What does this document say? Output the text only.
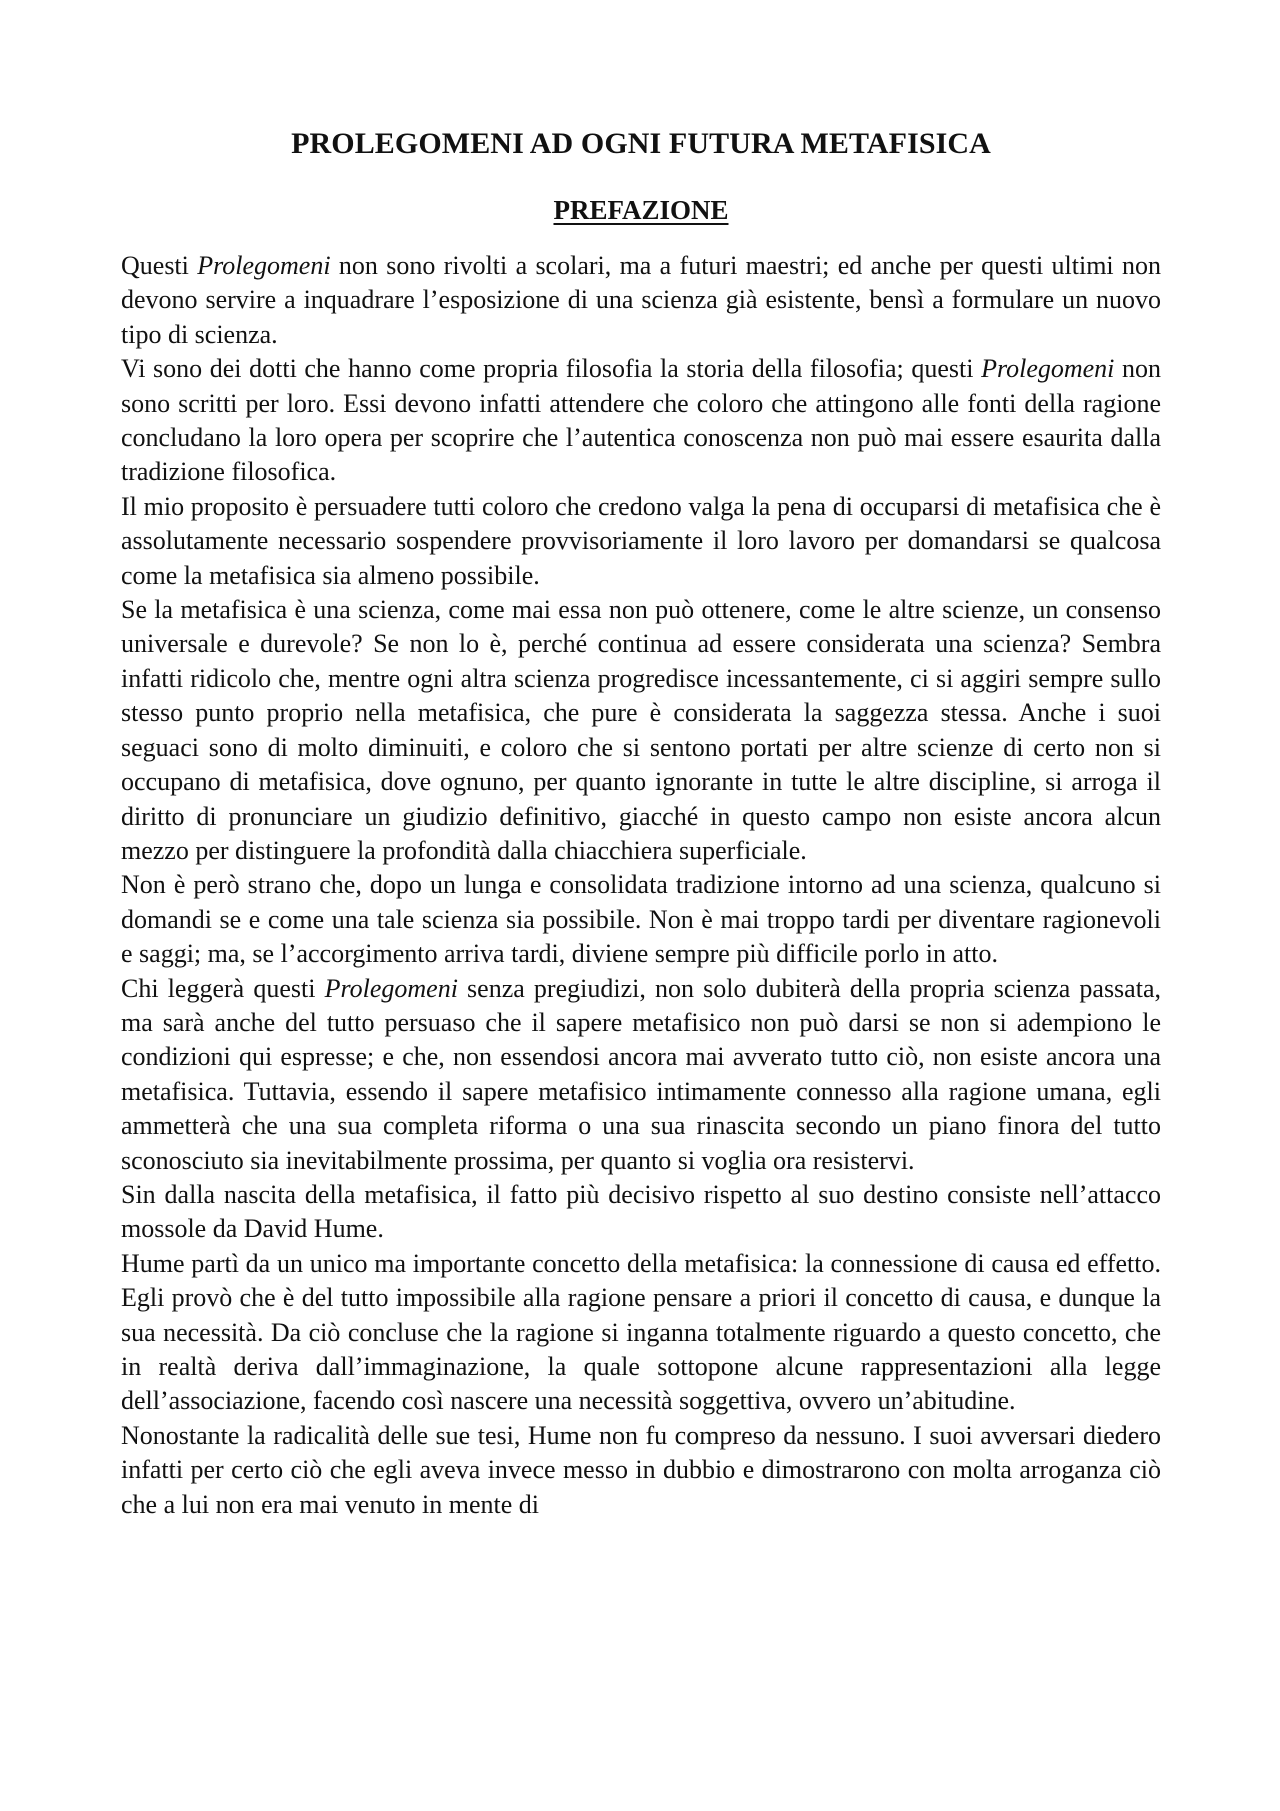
PROLEGOMENI AD OGNI FUTURA METAFISICA
PREFAZIONE

Questi Prolegomeni non sono rivolti a scolari, ma a futuri maestri; ed anche per questi ultimi non devono servire a inquadrare l’esposizione di una scienza già esistente, bensì a formulare un nuovo tipo di scienza.

Vi sono dei dotti che hanno come propria filosofia la storia della filosofia; questi Prolegomeni non sono scritti per loro. Essi devono infatti attendere che coloro che attingono alle fonti della ragione concludano la loro opera per scoprire che l’autentica conoscenza non può mai essere esaurita dalla tradizione filosofica.

Il mio proposito è persuadere tutti coloro che credono valga la pena di occuparsi di metafisica che è assolutamente necessario sospendere provvisoriamente il loro lavoro per domandarsi se qualcosa come la metafisica sia almeno possibile.

Se la metafisica è una scienza, come mai essa non può ottenere, come le altre scienze, un consenso universale e durevole? Se non lo è, perché continua ad essere considerata una scienza? Sembra infatti ridicolo che, mentre ogni altra scienza progredisce incessantemente, ci si aggiri sempre sullo stesso punto proprio nella metafisica, che pure è considerata la saggezza stessa. Anche i suoi seguaci sono di molto diminuiti, e coloro che si sentono portati per altre scienze di certo non si occupano di metafisica, dove ognuno, per quanto ignorante in tutte le altre discipline, si arroga il diritto di pronunciare un giudizio definitivo, giacché in questo campo non esiste ancora alcun mezzo per distinguere la profondità dalla chiacchiera superficiale.

Non è però strano che, dopo un lunga e consolidata tradizione intorno ad una scienza, qualcuno si domandi se e come una tale scienza sia possibile. Non è mai troppo tardi per diventare ragionevoli e saggi; ma, se l’accorgimento arriva tardi, diviene sempre più difficile porlo in atto.

Chi leggerà questi Prolegomeni senza pregiudizi, non solo dubiterà della propria scienza passata, ma sarà anche del tutto persuaso che il sapere metafisico non può darsi se non si adempiono le condizioni qui espresse; e che, non essendosi ancora mai avverato tutto ciò, non esiste ancora una metafisica. Tuttavia, essendo il sapere metafisico intimamente connesso alla ragione umana, egli ammetterà che una sua completa riforma o una sua rinascita secondo un piano finora del tutto sconosciuto sia inevitabilmente prossima, per quanto si voglia ora resistervi.

Sin dalla nascita della metafisica, il fatto più decisivo rispetto al suo destino consiste nell’attacco mossole da David Hume.

Hume partì da un unico ma importante concetto della metafisica: la connessione di causa ed effetto. Egli provò che è del tutto impossibile alla ragione pensare a priori il concetto di causa, e dunque la sua necessità. Da ciò concluse che la ragione si inganna totalmente riguardo a questo concetto, che in realtà deriva dall’immaginazione, la quale sottopone alcune rappresentazioni alla legge dell’associazione, facendo così nascere una necessità soggettiva, ovvero un’abitudine.

Nonostante la radicalità delle sue tesi, Hume non fu compreso da nessuno. I suoi avversari diedero infatti per certo ciò che egli aveva invece messo in dubbio e dimostrarono con molta arroganza ciò che a lui non era mai venuto in mente di
